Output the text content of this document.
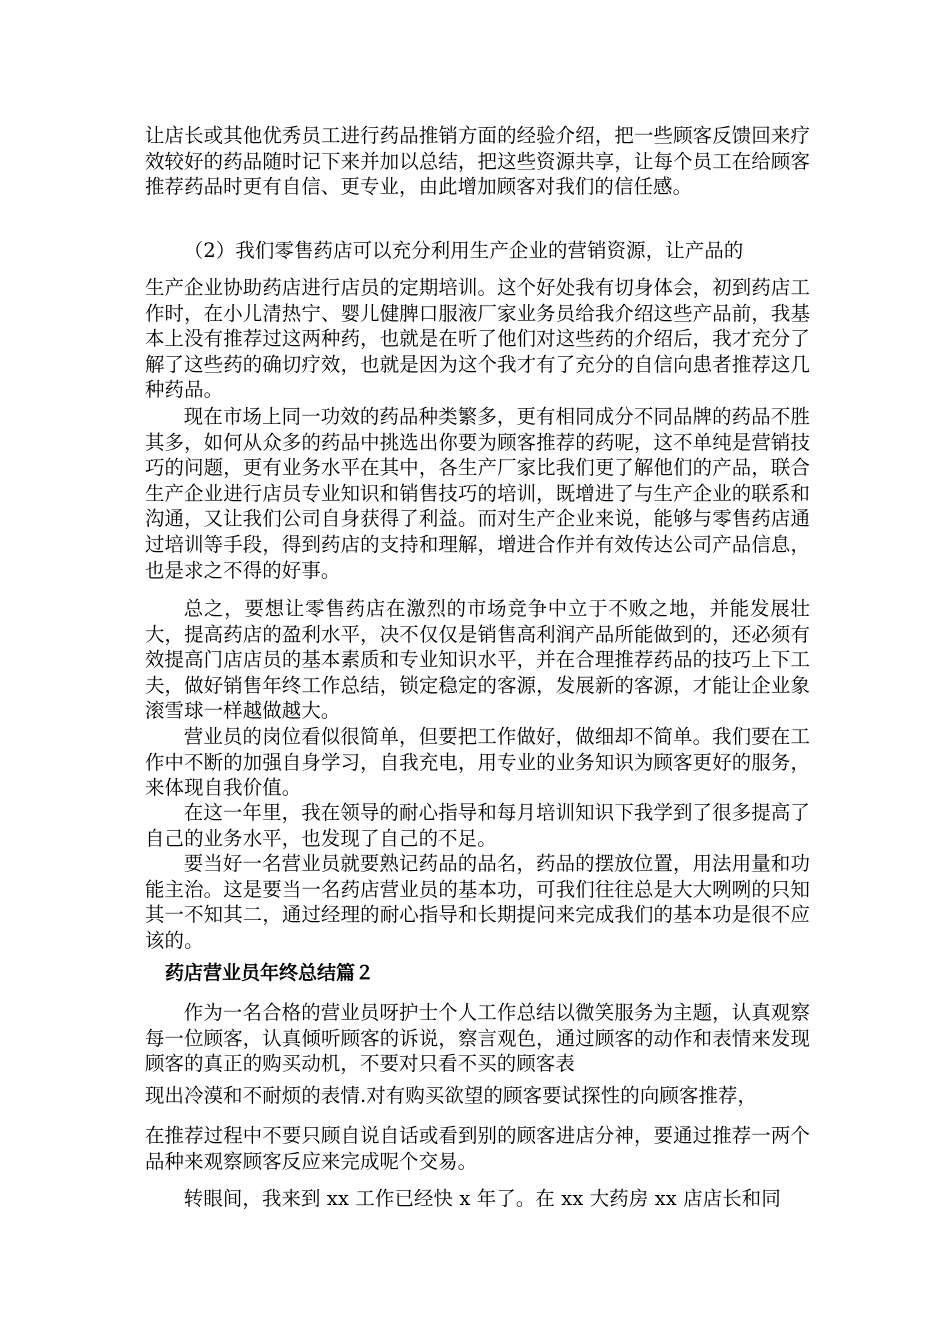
让店长或其他优秀员工进行药品推销方面的经验介绍，把一些顾客反馈回来疗效较好的药品随时记下来并加以总结，把这些资源共享，让每个员工在给顾客推荐药品时更有自信、更专业，由此增加顾客对我们的信任感。

（2）我们零售药店可以充分利用生产企业的营销资源，让产品的

生产企业协助药店进行店员的定期培训。这个好处我有切身体会，初到药店工作时，在小儿清热宁、婴儿健脾口服液厂家业务员给我介绍这些产品前，我基本上没有推荐过这两种药，也就是在听了他们对这些药的介绍后，我才充分了解了这些药的确切疗效，也就是因为这个我才有了充分的自信向患者推荐这几种药品。

现在市场上同一功效的药品种类繁多，更有相同成分不同品牌的药品不胜其多，如何从众多的药品中挑选出你要为顾客推荐的药呢，这不单纯是营销技巧的问题，更有业务水平在其中，各生产厂家比我们更了解他们的产品，联合生产企业进行店员专业知识和销售技巧的培训，既增进了与生产企业的联系和沟通，又让我们公司自身获得了利益。而对生产企业来说，能够与零售药店通过培训等手段，得到药店的支持和理解，增进合作并有效传达公司产品信息，也是求之不得的好事。

总之，要想让零售药店在激烈的市场竞争中立于不败之地，并能发展壮大，提高药店的盈利水平，决不仅仅是销售高利润产品所能做到的，还必须有效提高门店店员的基本素质和专业知识水平，并在合理推荐药品的技巧上下工夫，做好销售年终工作总结，锁定稳定的客源，发展新的客源，才能让企业象滚雪球一样越做越大。

营业员的岗位看似很简单，但要把工作做好，做细却不简单。我们要在工作中不断的加强自身学习，自我充电，用专业的业务知识为顾客更好的服务，来体现自我价值。

在这一年里，我在领导的耐心指导和每月培训知识下我学到了很多提高了自己的业务水平，也发现了自己的不足。

要当好一名营业员就要熟记药品的品名，药品的摆放位置，用法用量和功能主治。这是要当一名药店营业员的基本功，可我们往往总是大大咧咧的只知其一不知其二，通过经理的耐心指导和长期提问来完成我们的基本功是很不应该的。

药店营业员年终总结篇２

作为一名合格的营业员呀护士个人工作总结以微笑服务为主题，认真观察每一位顾客，认真倾听顾客的诉说，察言观色，通过顾客的动作和表情来发现顾客的真正的购买动机，不要对只看不买的顾客表

现出冷漠和不耐烦的表情.对有购买欲望的顾客要试探性的向顾客推荐，

在推荐过程中不要只顾自说自话或看到别的顾客进店分神，要通过推荐一两个品种来观察顾客反应来完成呢个交易。

转眼间，我来到 xx 工作已经快 x 年了。在 xx 大药房 xx 店店长和同
